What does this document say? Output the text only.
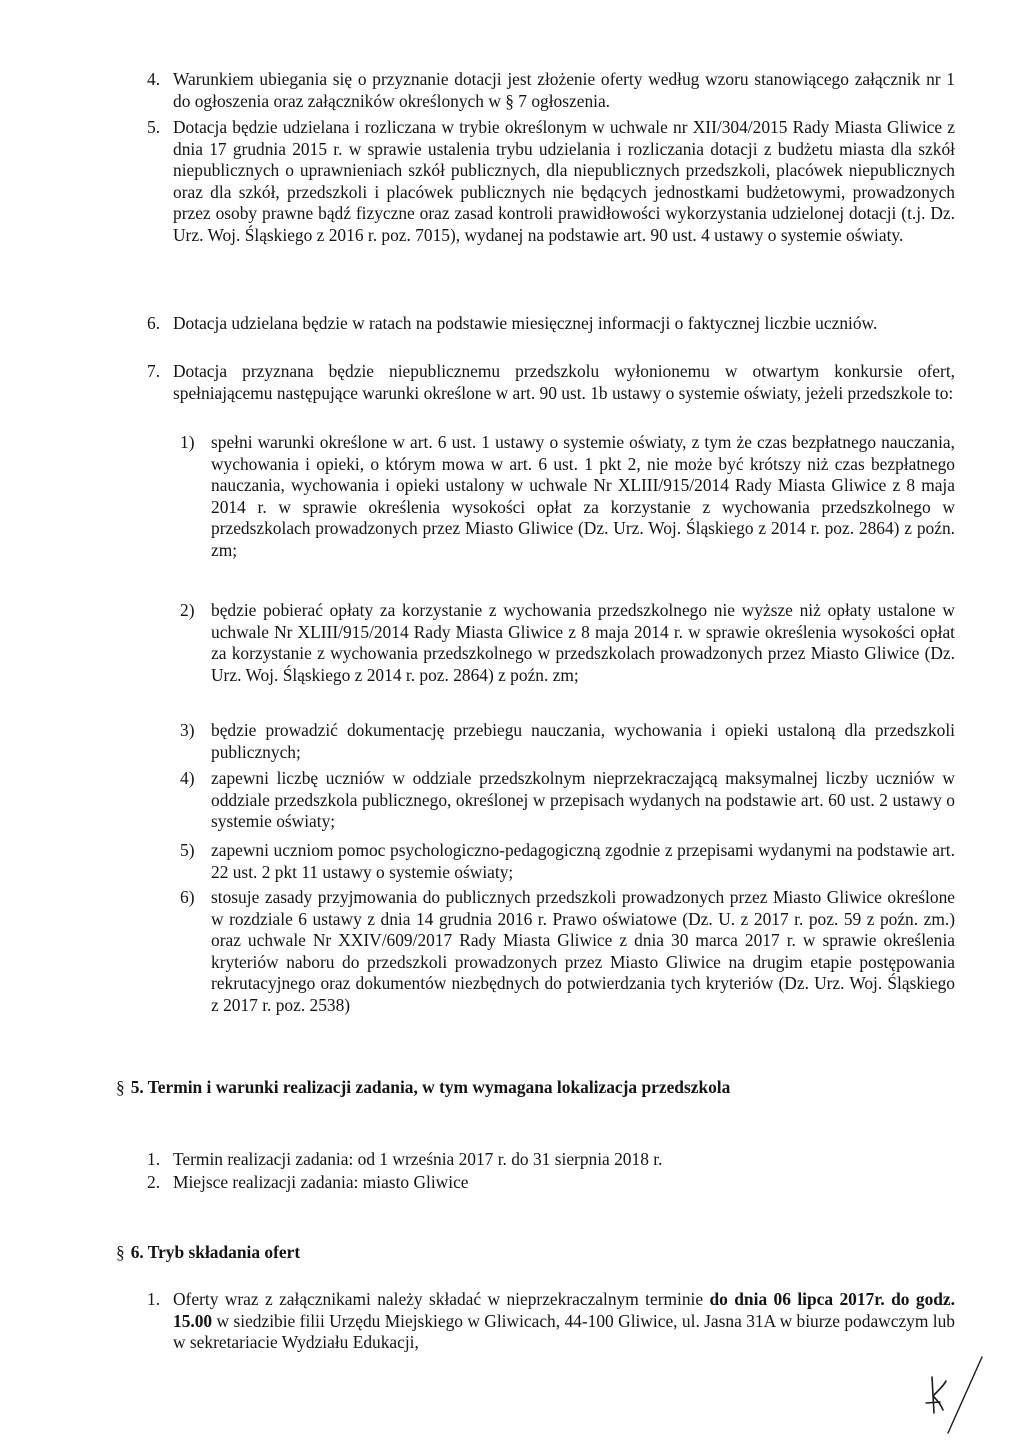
4. Warunkiem ubiegania się o przyznanie dotacji jest złożenie oferty według wzoru stanowiącego załącznik nr 1 do ogłoszenia oraz załączników określonych w § 7 ogłoszenia.

5. Dotacja będzie udzielana i rozliczana w trybie określonym w uchwale nr XII/304/2015 Rady Miasta Gliwice z dnia 17 grudnia 2015 r. w sprawie ustalenia trybu udzielania i rozliczania dotacji z budżetu miasta dla szkół niepublicznych o uprawnieniach szkół publicznych, dla niepublicznych przedszkoli, placówek niepublicznych oraz dla szkół, przedszkoli i placówek publicznych nie będących jednostkami budżetowymi, prowadzonych przez osoby prawne bądź fizyczne oraz zasad kontroli prawidłowości wykorzystania udzielonej dotacji (t.j. Dz. Urz. Woj. Śląskiego z 2016 r. poz. 7015), wydanej na podstawie art. 90 ust. 4 ustawy o systemie oświaty.

6. Dotacja udzielana będzie w ratach na podstawie miesięcznej informacji o faktycznej liczbie uczniów.

7. Dotacja przyznana będzie niepublicznemu przedszkolu wyłonionemu w otwartym konkursie ofert, spełniającemu następujące warunki określone w art. 90 ust. 1b ustawy o systemie oświaty, jeżeli przedszkole to:

1) spełni warunki określone w art. 6 ust. 1 ustawy o systemie oświaty, z tym że czas bezpłatnego nauczania, wychowania i opieki, o którym mowa w art. 6 ust. 1 pkt 2, nie może być krótszy niż czas bezpłatnego nauczania, wychowania i opieki ustalony w uchwale Nr XLIII/915/2014 Rady Miasta Gliwice z 8 maja 2014 r. w sprawie określenia wysokości opłat za korzystanie z wychowania przedszkolnego w przedszkolach prowadzonych przez Miasto Gliwice (Dz. Urz. Woj. Śląskiego z 2014 r. poz. 2864) z poźn. zm;

2) będzie pobierać opłaty za korzystanie z wychowania przedszkolnego nie wyższe niż opłaty ustalone w uchwale Nr XLIII/915/2014 Rady Miasta Gliwice z 8 maja 2014 r. w sprawie określenia wysokości opłat za korzystanie z wychowania przedszkolnego w przedszkolach prowadzonych przez Miasto Gliwice (Dz. Urz. Woj. Śląskiego z 2014 r. poz. 2864) z poźn. zm;

3) będzie prowadzić dokumentację przebiegu nauczania, wychowania i opieki ustaloną dla przedszkoli publicznych;

4) zapewni liczbę uczniów w oddziale przedszkolnym nieprzekraczającą maksymalnej liczby uczniów w oddziale przedszkola publicznego, określonej w przepisach wydanych na podstawie art. 60 ust. 2 ustawy o systemie oświaty;

5) zapewni uczniom pomoc psychologiczno-pedagogiczną zgodnie z przepisami wydanymi na podstawie art. 22 ust. 2 pkt 11 ustawy o systemie oświaty;

6) stosuje zasady przyjmowania do publicznych przedszkoli prowadzonych przez Miasto Gliwice określone w rozdziale 6 ustawy z dnia 14 grudnia 2016 r. Prawo oświatowe (Dz. U. z 2017 r. poz. 59 z poźn. zm.) oraz uchwale Nr XXIV/609/2017 Rady Miasta Gliwice z dnia 30 marca 2017 r. w sprawie określenia kryteriów naboru do przedszkoli prowadzonych przez Miasto Gliwice na drugim etapie postępowania rekrutacyjnego oraz dokumentów niezbędnych do potwierdzania tych kryteriów (Dz. Urz. Woj. Śląskiego z 2017 r. poz. 2538)

§ 5. Termin i warunki realizacji zadania, w tym wymagana lokalizacja przedszkola

1. Termin realizacji zadania: od 1 września 2017 r. do 31 sierpnia 2018 r.

2. Miejsce realizacji zadania: miasto Gliwice

§ 6. Tryb składania ofert

1. Oferty wraz z załącznikami należy składać w nieprzekraczalnym terminie do dnia 06 lipca 2017r. do godz. 15.00 w siedzibie filii Urzędu Miejskiego w Gliwicach, 44-100 Gliwice, ul. Jasna 31A w biurze podawczym lub w sekretariacie Wydziału Edukacji,
